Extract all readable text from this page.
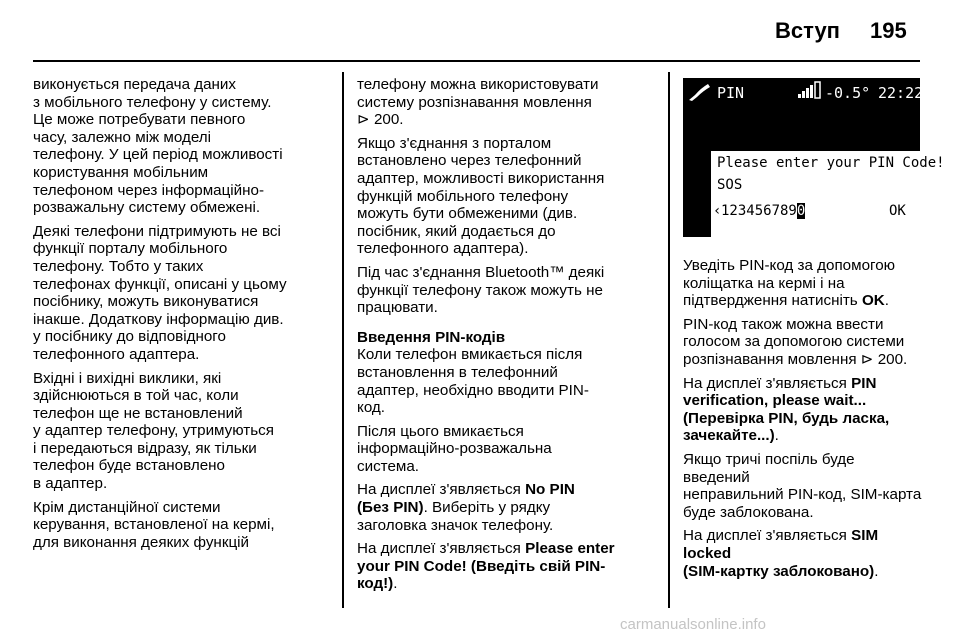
Вступ 195

виконується передача даних
з мобільного телефону у систему.
Це може потребувати певного
часу, залежно між моделі
телефону. У цей період можливості
користування мобільним
телефоном через інформаційно-
розважальну систему обмежені.

Деякі телефони підтримують не всі
функції порталу мобільного
телефону. Тобто у таких
телефонах функції, описані у цьому
посібнику, можуть виконуватися
інакше. Додаткову інформацію див.
у посібнику до відповідного
телефонного адаптера.

Вхідні і вихідні виклики, які
здійснюються в той час, коли
телефон ще не встановлений
у адаптер телефону, утримуються
і передаються відразу, як тільки
телефон буде встановлено
в адаптер.

Крім дистанційної системи
керування, встановленої на кермі,
для виконання деяких функцій

телефону можна використовувати
систему розпізнавання мовлення
⊳ 200.

Якщо з'єднання з порталом
встановлено через телефонний
адаптер, можливості використання
функцій мобільного телефону
можуть бути обмеженими (див.
посібник, який додається до
телефонного адаптера).

Під час з'єднання Bluetooth™ деякі
функції телефону також можуть не
працювати.

Введення PIN-кодів

Коли телефон вмикається після
встановлення в телефонний
адаптер, необхідно вводити PIN-
код.

Після цього вмикається
інформаційно-розважальна
система.

На дисплеї з'являється No PIN
(Без PIN). Виберіть у рядку
заголовка значок телефону.

На дисплеї з'являється Please enter
your PIN Code! (Введіть свій PIN-
код!).

PIN	-0.5° 22:22
Please enter your PIN Code!
SOS
‹ 1234567890	OK

Уведіть PIN-код за допомогою
коліщатка на кермі і на
підтвердження натисніть OK.

PIN-код також можна ввести
голосом за допомогою системи
розпізнавання мовлення ⊳ 200.

На дисплеї з'являється PIN
verification, please wait...
(Перевірка PIN, будь ласка,
зачекайте...).

Якщо тричі поспіль буде введений
неправильний PIN-код, SIM-карта
буде заблокована.

На дисплеї з'являється SIM locked
(SIM-картку заблоковано).

carmanualsonline.info
